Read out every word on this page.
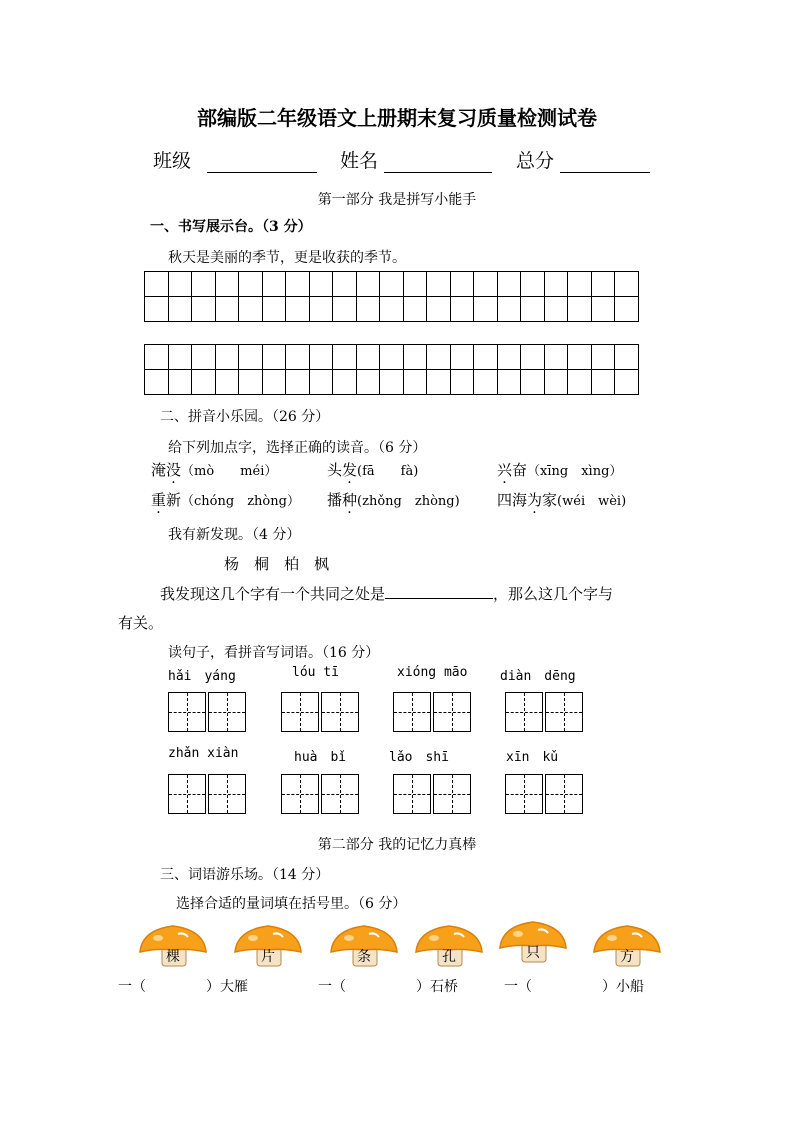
部编版二年级语文上册期末复习质量检测试卷
班级	姓名	总分
第一部分 我是拼写小能手
一、书写展示台。（3 分）
秋天是美丽的季节，更是收获的季节。

二、拼音小乐园。（26 分）
给下列加点字，选择正确的读音。（6 分）
淹没（mò　　méi）	头发(fā　　fà)	兴奋（xīng　xìng）
重新（chóng　zhòng） 播种(zhǒng　zhòng) 四海为家(wéi　wèi)
我有新发现。（4 分）
杨　桐　柏　枫
我发现这几个字有一个共同之处是	，那么这几个字与
有关。
读句子，看拼音写词语。（16 分）
hǎi　yáng	lóu tī	xióng māo	diàn　dēng
zhǎn xiàn	huà　bǐ	lǎo　shī	xīn　kǔ
第二部分 我的记忆力真棒
三、词语游乐场。（14 分）
选择合适的量词填在括号里。（6 分）
棵	片	条	孔	只	方
一（	）大雁	一（	）石桥	一（	）小船
